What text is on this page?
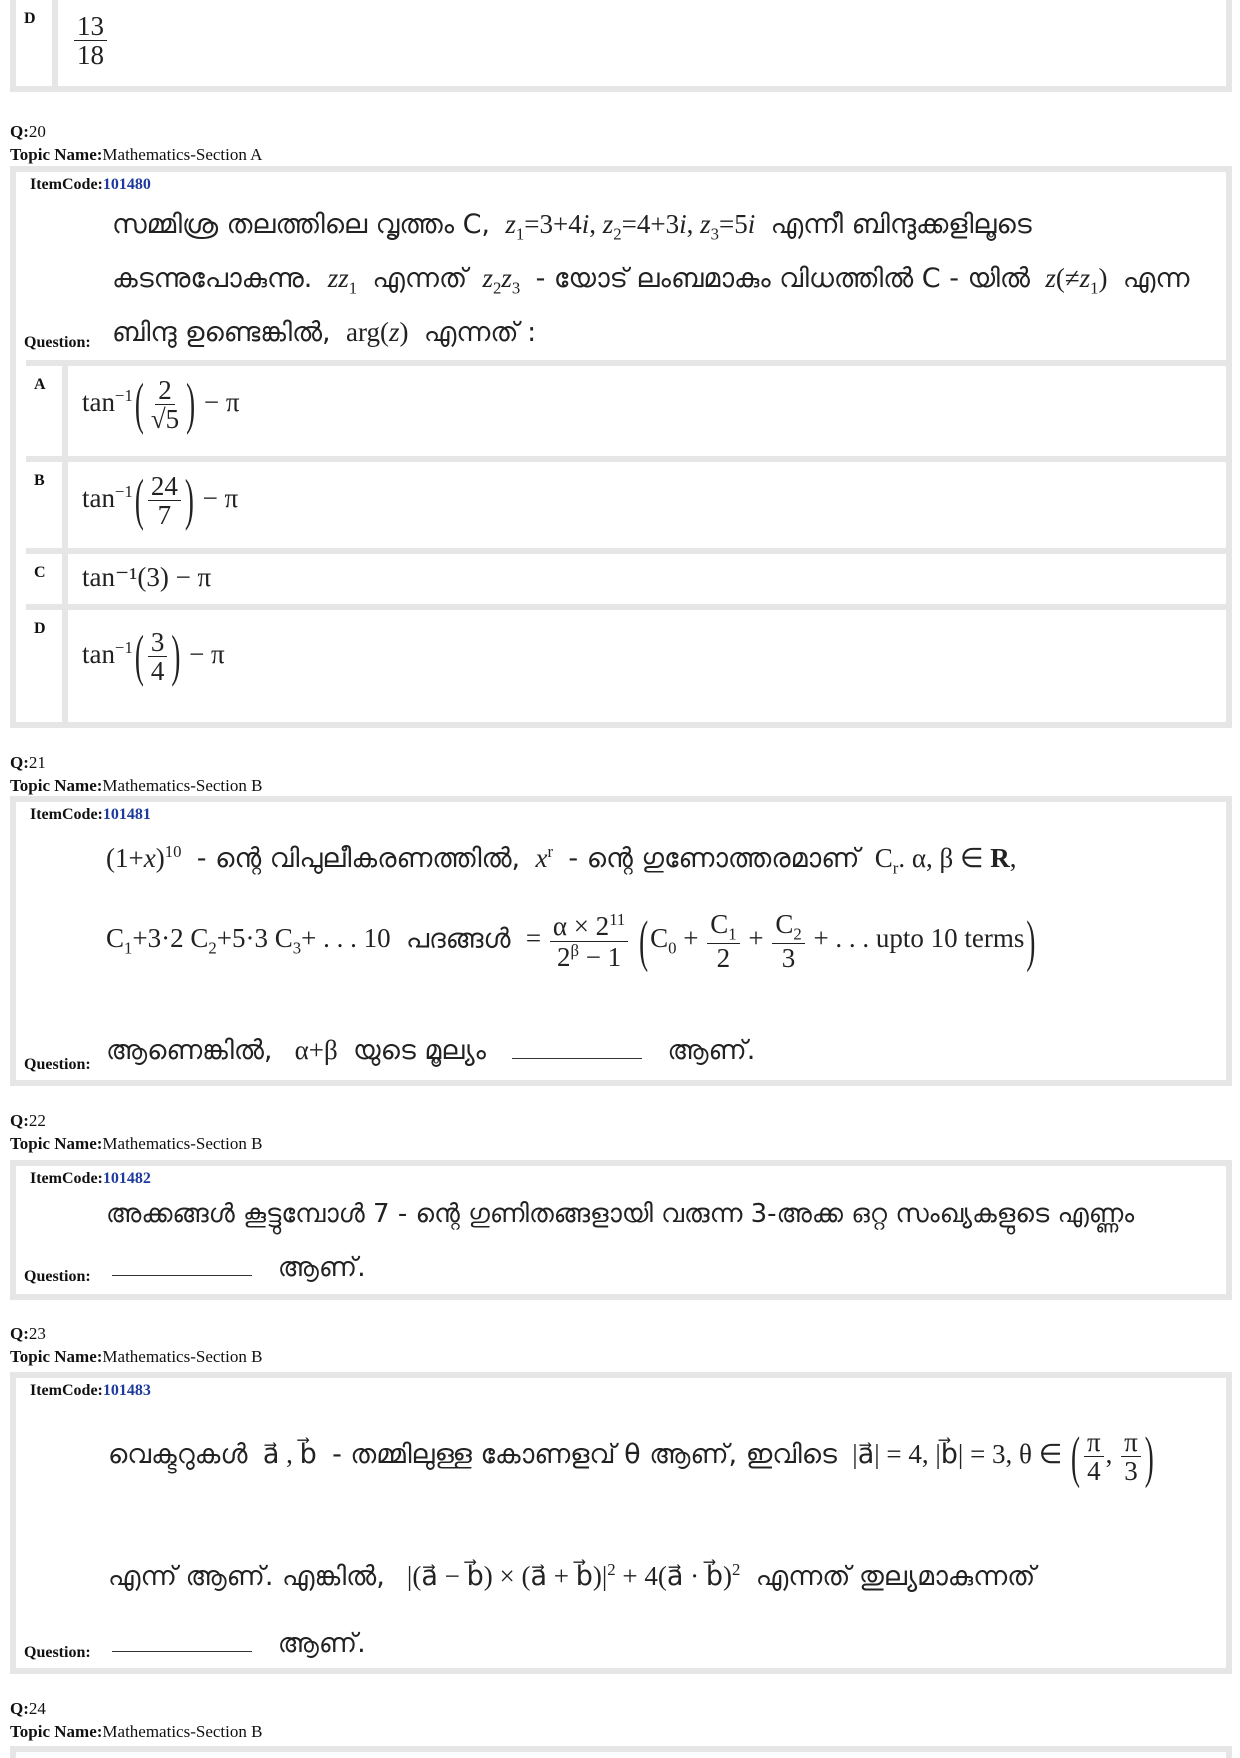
D $\frac{13}{18}$
Q:20
Topic Name:Mathematics-Section A
ItemCode:101480
സമ്മിശ്ര തലത്തിലെ വൃത്തം C, $z_1=3+4i$, $z_2=4+3i$, $z_3=5i$ എന്നീ ബിന്ദുക്കളിലൂടെ
കടന്നുപോകുന്നു. $zz_1$ എന്നത് $z_2z_3$ - യോട് ലംബമാകും വിധത്തിൽ C - യിൽ $z(\ne z_1)$  എന്ന
Question: ബിന്ദു ഉണ്ടെങ്കിൽ,  arg(z)  എന്നത് :
A
$\tan^{-1}( \frac{2}{√5}$ ) − π
B
$\tan^{-1}( \frac{24}{7}$ ) − π
C tan⁻¹(3) − π
D
$\tan^{-1}( \frac{3}{4}$ ) − π
Q:21
Topic Name:Mathematics-Section B
ItemCode:101481
$(1+x)^{10}$ - ന്റെ വിപുലീകരണത്തിൽ, $x^r$ - ന്റെ ഗുണോത്തരമാണ്  $C_r$. α, β ∈ R,
$C_1+3\cdot 2$ $C_2+5\cdot 3$ $C_3+$ . . . 10  പദങ്ങൾ  = $\frac{\alpha \times 2^{11}}{2^\beta - 1} (C_0 + \frac{C_1}{2} + \frac{C_2}{3}$ + . . . upto 10 terms)
Question: ആണെങ്കിൽ,   α+β  യുടെ മൂല്യം	ആണ്.
Q:22
Topic Name:Mathematics-Section B
ItemCode:101482
അക്കങ്ങൾ കൂട്ടുമ്പോൾ 7 - ന്റെ ഗുണിതങ്ങളായി വരുന്ന 3-അക്ക ഒറ്റ സംഖ്യകളുടെ എണ്ണം
Question:	ആണ്.
Q:23
Topic Name:Mathematics-Section B
ItemCode:101483
വെക്ടറുകൾ  a⃗ , b⃗  - തമ്മിലുള്ള കോണളവ് θ ആണ്, ഇവിടെ  |a⃗| = 4, |b⃗| = 3, θ ∈ ( $\frac{\pi}{4}$ , $\frac{\pi}{3}$ )
എന്ന് ആണ്. എങ്കിൽ,   |(a⃗ − b⃗) × (a⃗ + $b⃗)|^2$ + 4(a⃗ · b⃗)$^2$ എന്നത് തുല്യമാകുന്നത്
Question:	ആണ്.
Q:24
Topic Name:Mathematics-Section B
